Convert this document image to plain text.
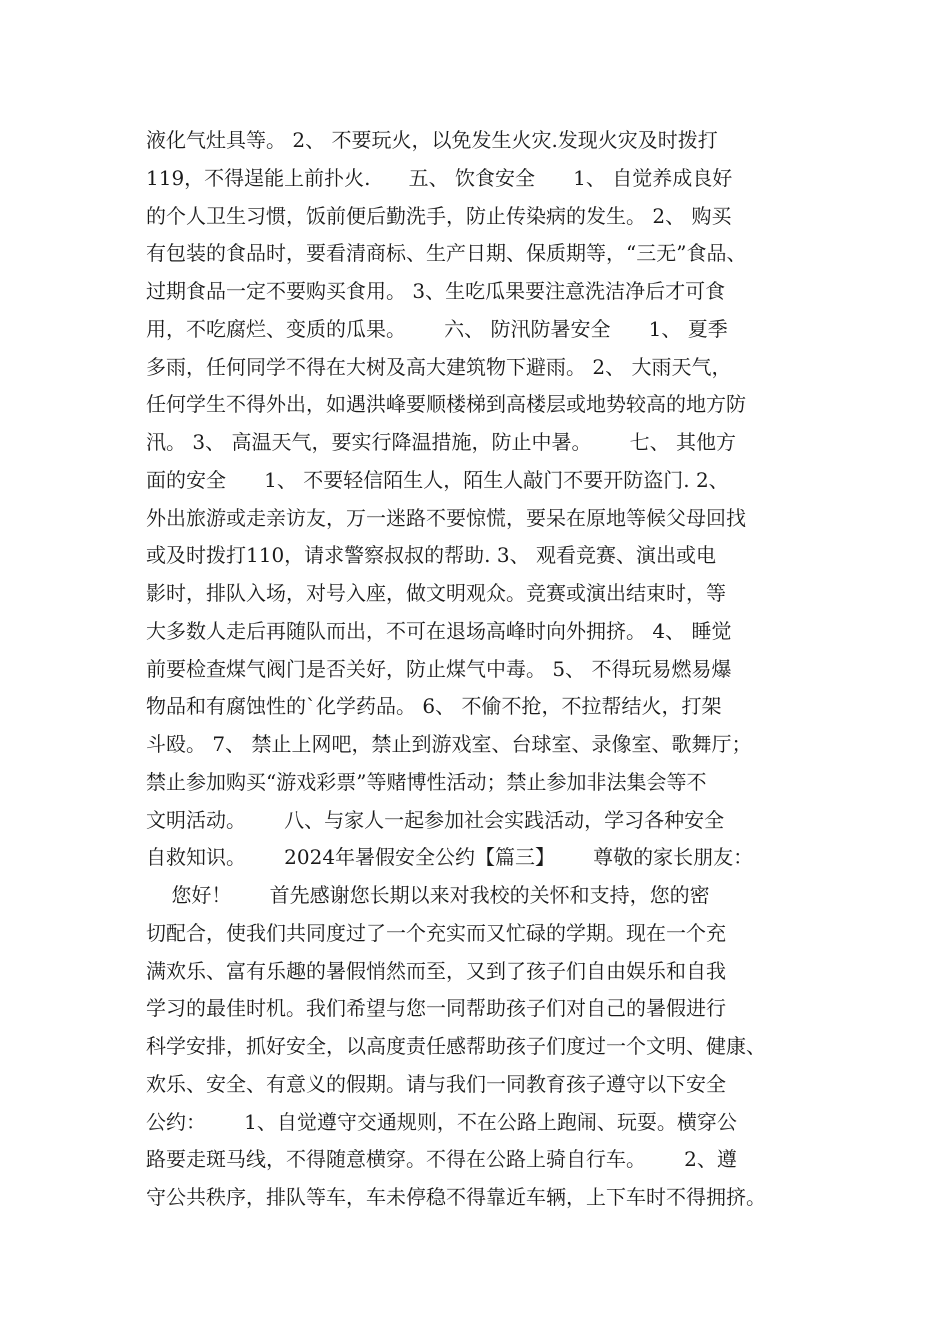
液化气灶具等。 2、 不要玩火，以免发生火灾.发现火灾及时拨打
119，不得逞能上前扑火.      五、 饮食安全      1、 自觉养成良好
的个人卫生习惯，饭前便后勤洗手，防止传染病的发生。 2、 购买
有包装的食品时，要看清商标、生产日期、保质期等，“三无”食品、
过期食品一定不要购买食用。 3、生吃瓜果要注意洗洁净后才可食
用，不吃腐烂、变质的瓜果。      六、 防汛防暑安全      1、 夏季
多雨，任何同学不得在大树及高大建筑物下避雨。 2、 大雨天气，
任何学生不得外出，如遇洪峰要顺楼梯到高楼层或地势较高的地方防
汛。 3、 高温天气，要实行降温措施，防止中暑。      七、 其他方
面的安全      1、 不要轻信陌生人，陌生人敲门不要开防盗门. 2、
外出旅游或走亲访友，万一迷路不要惊慌，要呆在原地等候父母回找
或及时拨打110，请求警察叔叔的帮助. 3、 观看竞赛、演出或电
影时，排队入场，对号入座，做文明观众。竞赛或演出结束时，等
大多数人走后再随队而出，不可在退场高峰时向外拥挤。 4、 睡觉
前要检查煤气阀门是否关好，防止煤气中毒。 5、 不得玩易燃易爆
物品和有腐蚀性的`化学药品。 6、 不偷不抢，不拉帮结火，打架
斗殴。 7、 禁止上网吧，禁止到游戏室、台球室、录像室、歌舞厅；
禁止参加购买“游戏彩票”等赌博性活动；禁止参加非法集会等不
文明活动。      八、与家人一起参加社会实践活动，学习各种安全
自救知识。      2024年暑假安全公约【篇三】      尊敬的家长朋友：
您好！      首先感谢您长期以来对我校的关怀和支持，您的密
切配合，使我们共同度过了一个充实而又忙碌的学期。现在一个充
满欢乐、富有乐趣的暑假悄然而至，又到了孩子们自由娱乐和自我
学习的最佳时机。我们希望与您一同帮助孩子们对自己的暑假进行
科学安排，抓好安全，以高度责任感帮助孩子们度过一个文明、健康、
欢乐、安全、有意义的假期。请与我们一同教育孩子遵守以下安全
公约：      1、自觉遵守交通规则，不在公路上跑闹、玩耍。横穿公
路要走斑马线，不得随意横穿。不得在公路上骑自行车。      2、遵
守公共秩序，排队等车，车未停稳不得靠近车辆，上下车时不得拥挤。
